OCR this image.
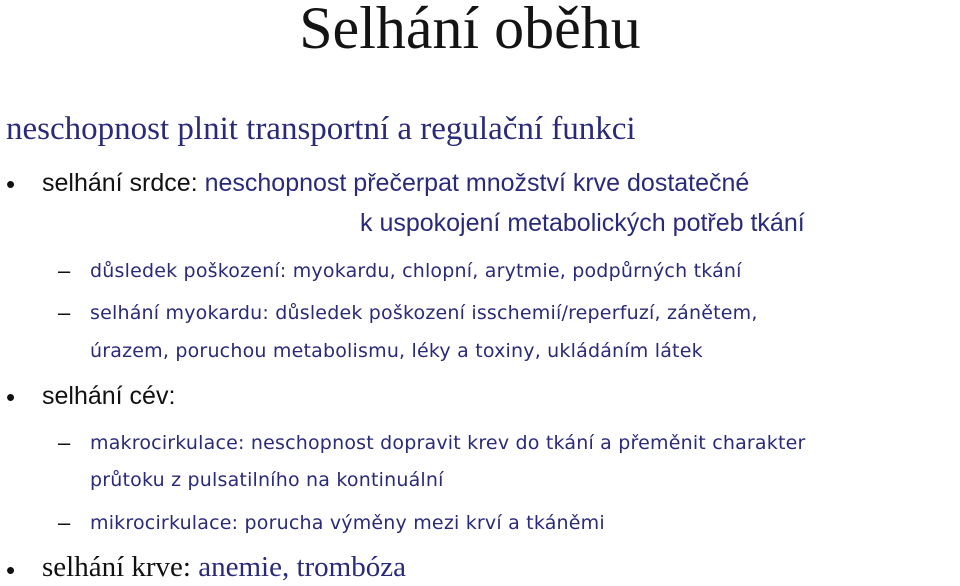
Selhání oběhu
neschopnost plnit transportní a regulační funkci
• selhání srdce: neschopnost přečerpat množství krve dostatečné
k uspokojení metabolických potřeb tkání
– důsledek poškození: myokardu, chlopní, arytmie, podpůrných tkání
– selhání myokardu: důsledek poškození isschemií/reperfuzí, zánětem,
úrazem, poruchou metabolismu, léky a toxiny, ukládáním látek
• selhání cév:
– makrocirkulace: neschopnost dopravit krev do tkání a přeměnit charakter
průtoku z pulsatilního na kontinuální
– mikrocirkulace: porucha výměny mezi krví a tkáněmi
• selhání krve: anemie, trombóza
